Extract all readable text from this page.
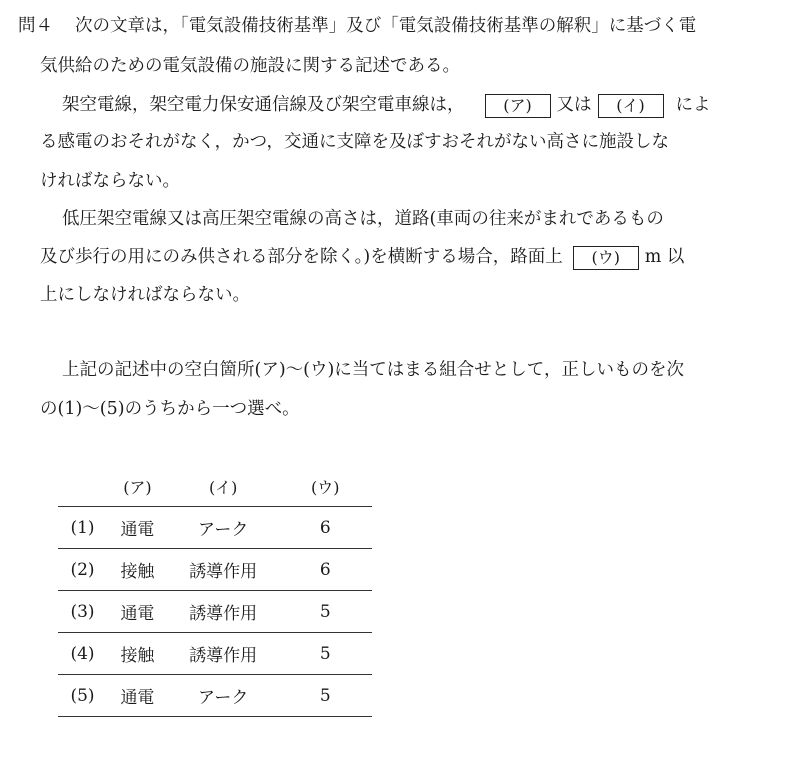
問４ 次の文章は，「電気設備技術基準」及び「電気設備技術基準の解釈」に基づく電
気供給のための電気設備の施設に関する記述である。
架空電線，架空電力保安通信線及び架空電車線は， (ア) 又は (イ) によ
る感電のおそれがなく，かつ，交通に支障を及ぼすおそれがない高さに施設しな
ければならない。
低圧架空電線又は高圧架空電線の高さは，道路(車両の往来がまれであるもの
及び歩行の用にのみ供される部分を除く。)を横断する場合，路面上 (ウ) m 以
上にしなければならない。
上記の記述中の空白箇所(ア)～(ウ)に当てはまる組合せとして，正しいものを次
の(1)～(5)のうちから一つ選べ。
	(ア)	(イ)	(ウ)
(1)	通電	アーク	6
(2)	接触	誘導作用	6
(3)	通電	誘導作用	5
(4)	接触	誘導作用	5
(5)	通電	アーク	5
